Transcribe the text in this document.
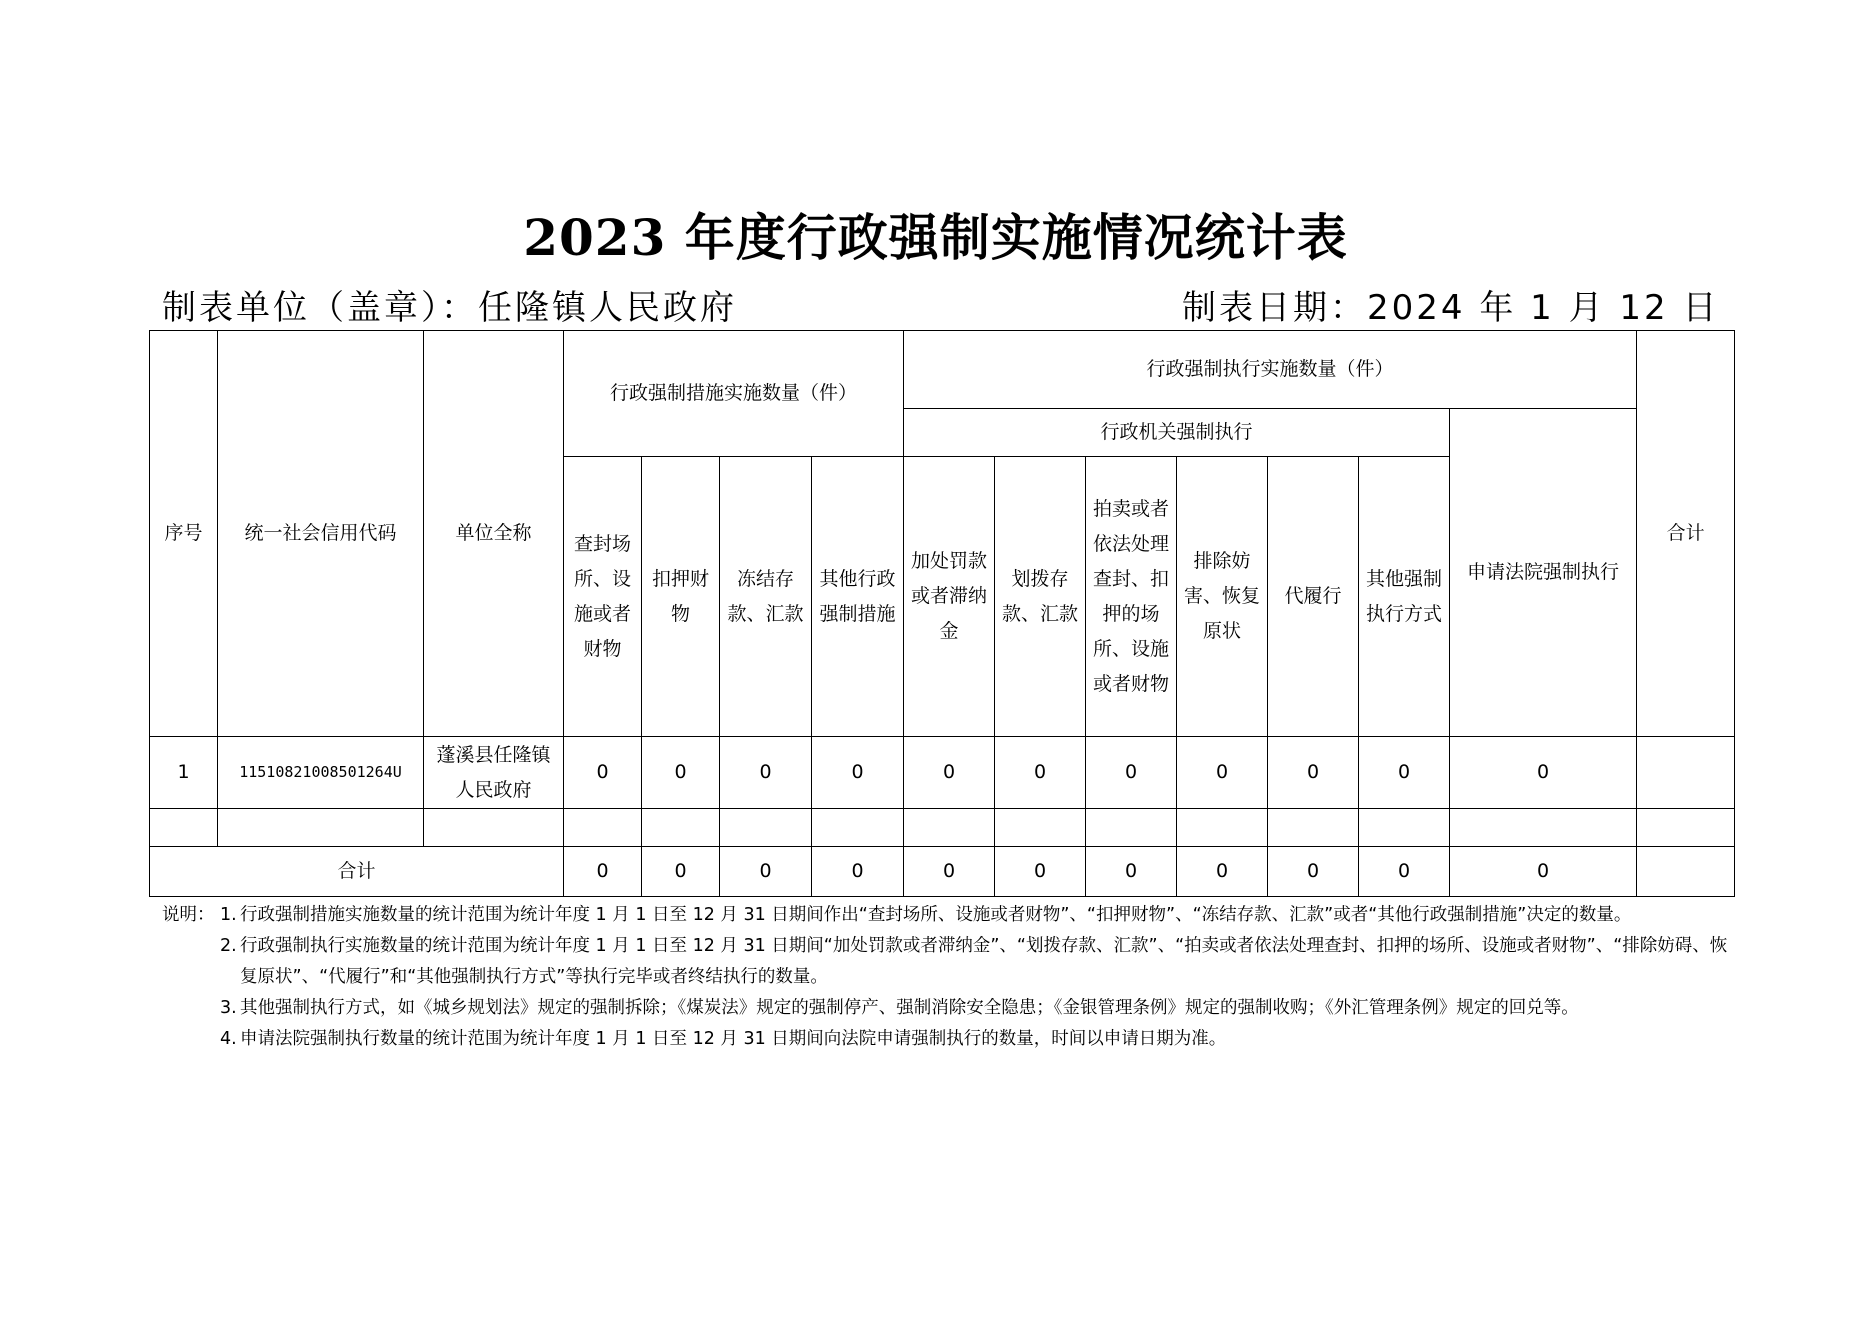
2023 年度行政强制实施情况统计表
制表单位（盖章）：任隆镇人民政府	制表日期：2024 年 1 月 12 日
序号	统一社会信用代码	单位全称	行政强制措施实施数量（件）				行政强制执行实施数量（件）							合计
							行政机关强制执行						申请法院强制执行	
			查封场所、设施或者财物	扣押财物	冻结存款、汇款	其他行政强制措施	加处罚款或者滞纳金	划拨存款、汇款	拍卖或者依法处理查封、扣押的场所、设施或者财物	排除妨害、恢复原状	代履行	其他强制执行方式		
1	11510821008501264U	蓬溪县任隆镇人民政府	0	0	0	0	0	0	0	0	0	0	0	

合计			0	0	0	0	0	0	0	0	0	0	0	
说明： 1. 行政强制措施实施数量的统计范围为统计年度 1 月 1 日至 12 月 31 日期间作出“查封场所、设施或者财物”、“扣押财物”、“冻结存款、汇款”或者“其他行政强制措施”决定的数量。
2. 行政强制执行实施数量的统计范围为统计年度 1 月 1 日至 12 月 31 日期间“加处罚款或者滞纳金”、“划拨存款、汇款”、“拍卖或者依法处理查封、扣押的场所、设施或者财物”、“排除妨碍、恢复原状”、“代履行”和“其他强制执行方式”等执行完毕或者终结执行的数量。
3. 其他强制执行方式，如《城乡规划法》规定的强制拆除；《煤炭法》规定的强制停产、强制消除安全隐患；《金银管理条例》规定的强制收购；《外汇管理条例》规定的回兑等。
4. 申请法院强制执行数量的统计范围为统计年度 1 月 1 日至 12 月 31 日期间向法院申请强制执行的数量，时间以申请日期为准。
